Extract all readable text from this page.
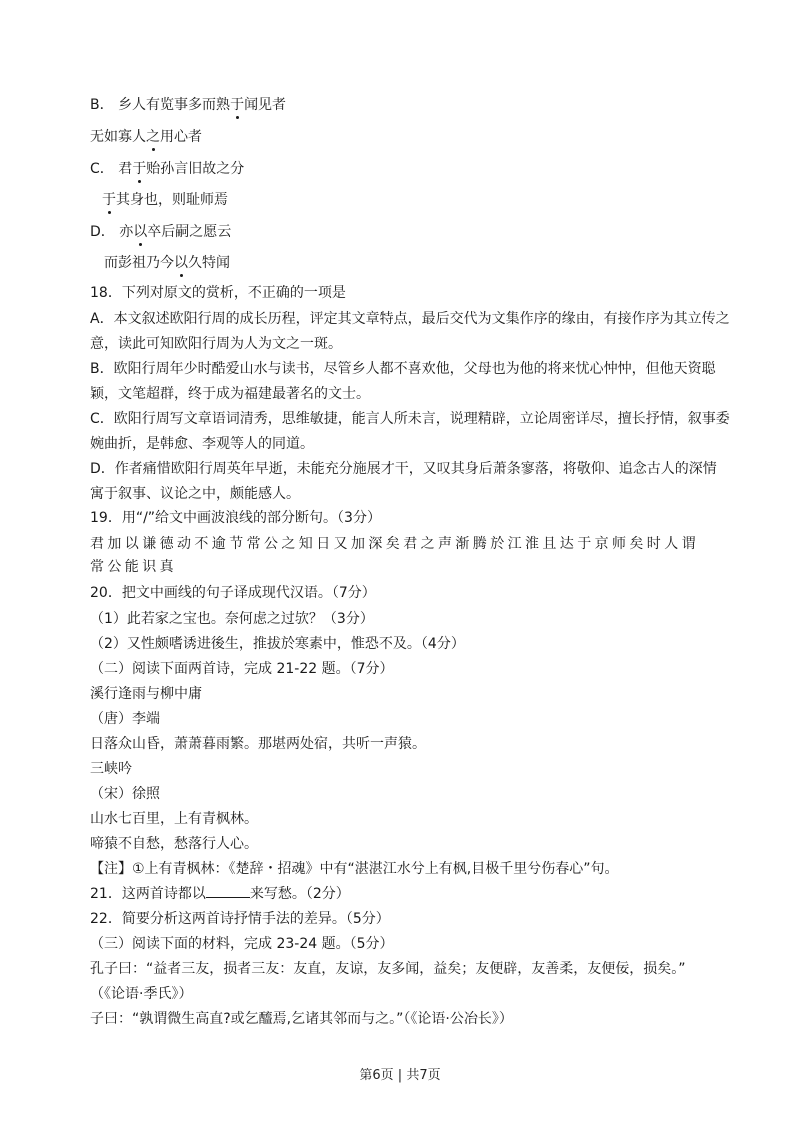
B． 乡人有览事多而熟于闻见者
无如寡人之用心者
C． 君于贻孙言旧故之分
于其身也，则耻师焉
D． 亦以卒后嗣之愿云
而彭祖乃今以久特闻
18．下列对原文的赏析，不正确的一项是
A．本文叙述欧阳行周的成长历程，评定其文章特点，最后交代为文集作序的缘由，有接作序为其立传之意，读此可知欧阳行周为人为文之一斑。
B．欧阳行周年少时酷爱山水与读书，尽管乡人都不喜欢他，父母也为他的将来忧心忡忡，但他天资聪颖，文笔超群，终于成为福建最著名的文士。
C．欧阳行周写文章语词清秀，思维敏捷，能言人所未言，说理精辟，立论周密详尽，擅长抒情，叙事委婉曲折，是韩愈、李观等人的同道。
D．作者痛惜欧阳行周英年早逝，未能充分施展才干，又叹其身后萧条寥落，将敬仰、追念古人的深情寓于叙事、议论之中，颇能感人。
19．用“/”给文中画波浪线的部分断句。（3分）
君加以谦德动不逾节常公之知日又加深矣君之声渐腾於江淮且达于京师矣时人谓
常公能识真
20．把文中画线的句子译成现代汉语。（7分）
（1）此若家之宝也。奈何虑之过欤？（3分）
（2）又性颇嗜诱进後生，推拔於寒素中，惟恐不及。（4分）
（二）阅读下面两首诗，完成 21-22 题。（7分）
溪行逢雨与柳中庸
（唐）李端
日落众山昏，萧萧暮雨繁。那堪两处宿，共听一声猿。
三峡吟
（宋）徐照
山水七百里，上有青枫林。
啼猿不自愁，愁落行人心。
【注】①上有青枫林：《楚辞・招魂》中有“湛湛江水兮上有枫,目极千里兮伤春心”句。
21．这两首诗都以	来写愁。（2分）
22．简要分析这两首诗抒情手法的差异。（5分）
（三）阅读下面的材料，完成 23-24 题。（5分）
孔子曰：“益者三友，损者三友：友直，友谅，友多闻，益矣；友便辟，友善柔，友便佞，损矣。”
（《论语·季氏》）
子曰：“孰谓微生高直?或乞醯焉,乞诸其邻而与之。”（《论语·公冶长》）
第6页 | 共7页
